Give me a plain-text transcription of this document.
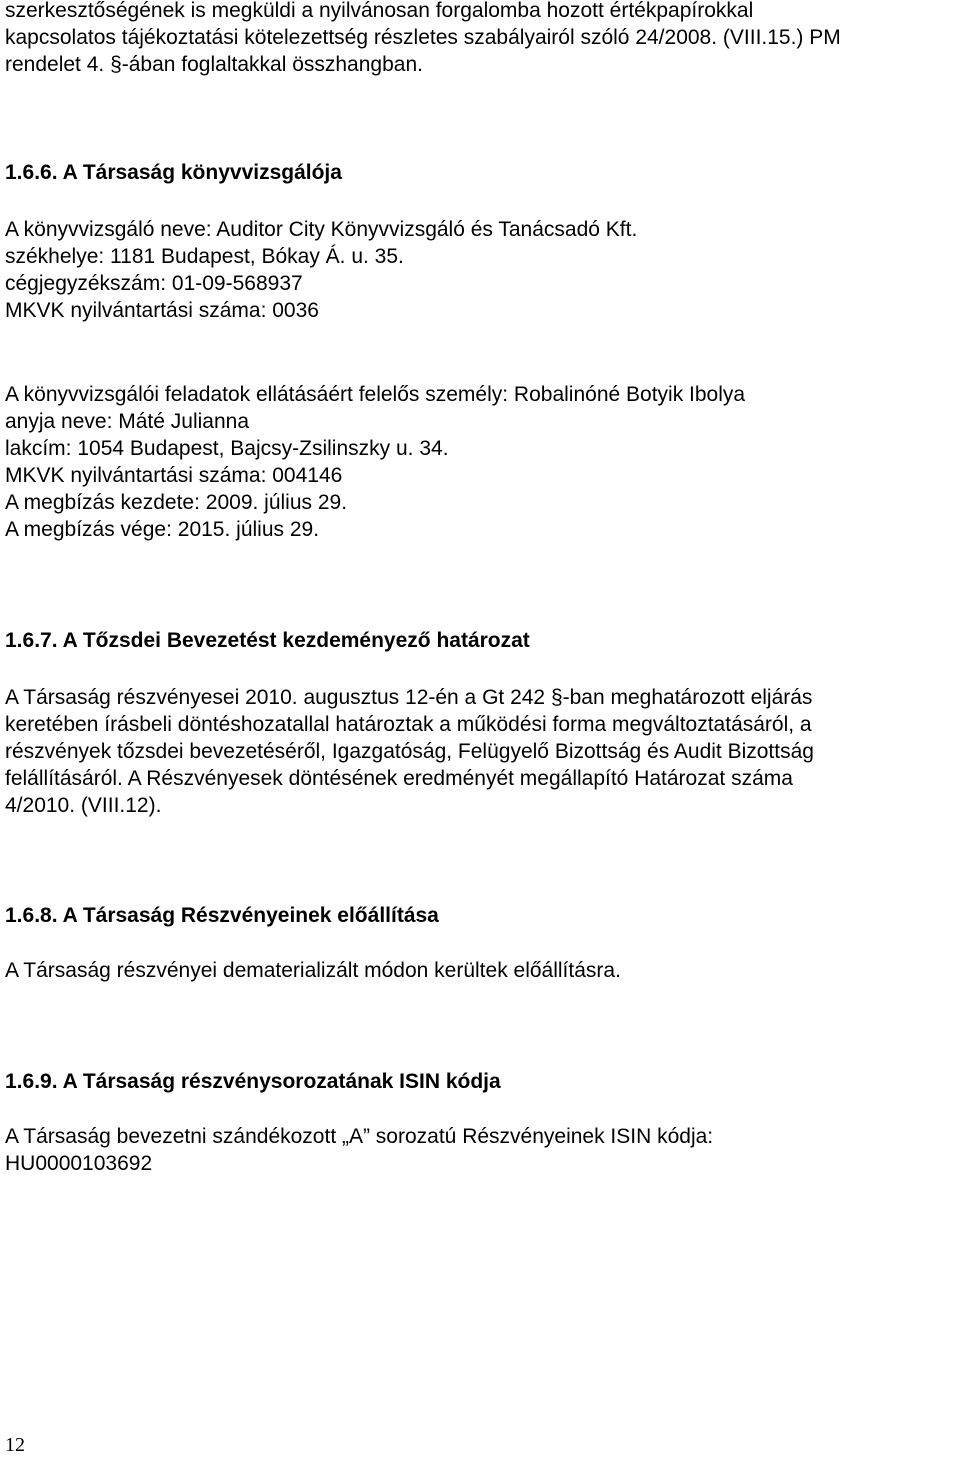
szerkesztőségének is megküldi a nyilvánosan forgalomba hozott értékpapírokkal
kapcsolatos tájékoztatási kötelezettség részletes szabályairól szóló 24/2008. (VIII.15.) PM
rendelet 4. §-ában foglaltakkal összhangban.
1.6.6. A Társaság könyvvizsgálója
A könyvvizsgáló neve: Auditor City Könyvvizsgáló és Tanácsadó Kft.
székhelye: 1181 Budapest, Bókay Á. u. 35.
cégjegyzékszám: 01-09-568937
MKVK nyilvántartási száma: 0036
A könyvvizsgálói feladatok ellátásáért felelős személy: Robalinóné Botyik Ibolya
anyja neve: Máté Julianna
lakcím: 1054 Budapest, Bajcsy-Zsilinszky u. 34.
MKVK nyilvántartási száma: 004146
A megbízás kezdete: 2009. július 29.
A megbízás vége: 2015. július 29.
1.6.7. A Tőzsdei Bevezetést kezdeményező határozat
A Társaság részvényesei 2010. augusztus 12-én a Gt 242 §-ban meghatározott eljárás
keretében írásbeli döntéshozatallal határoztak a működési forma megváltoztatásáról, a
részvények tőzsdei bevezetéséről, Igazgatóság, Felügyelő Bizottság és Audit Bizottság
felállításáról. A Részvényesek döntésének eredményét megállapító Határozat száma
4/2010. (VIII.12).
1.6.8. A Társaság Részvényeinek előállítása
A Társaság részvényei dematerializált módon kerültek előállításra.
1.6.9. A Társaság részvénysorozatának ISIN kódja
A Társaság bevezetni szándékozott „A” sorozatú Részvényeinek ISIN kódja:
HU0000103692
12
